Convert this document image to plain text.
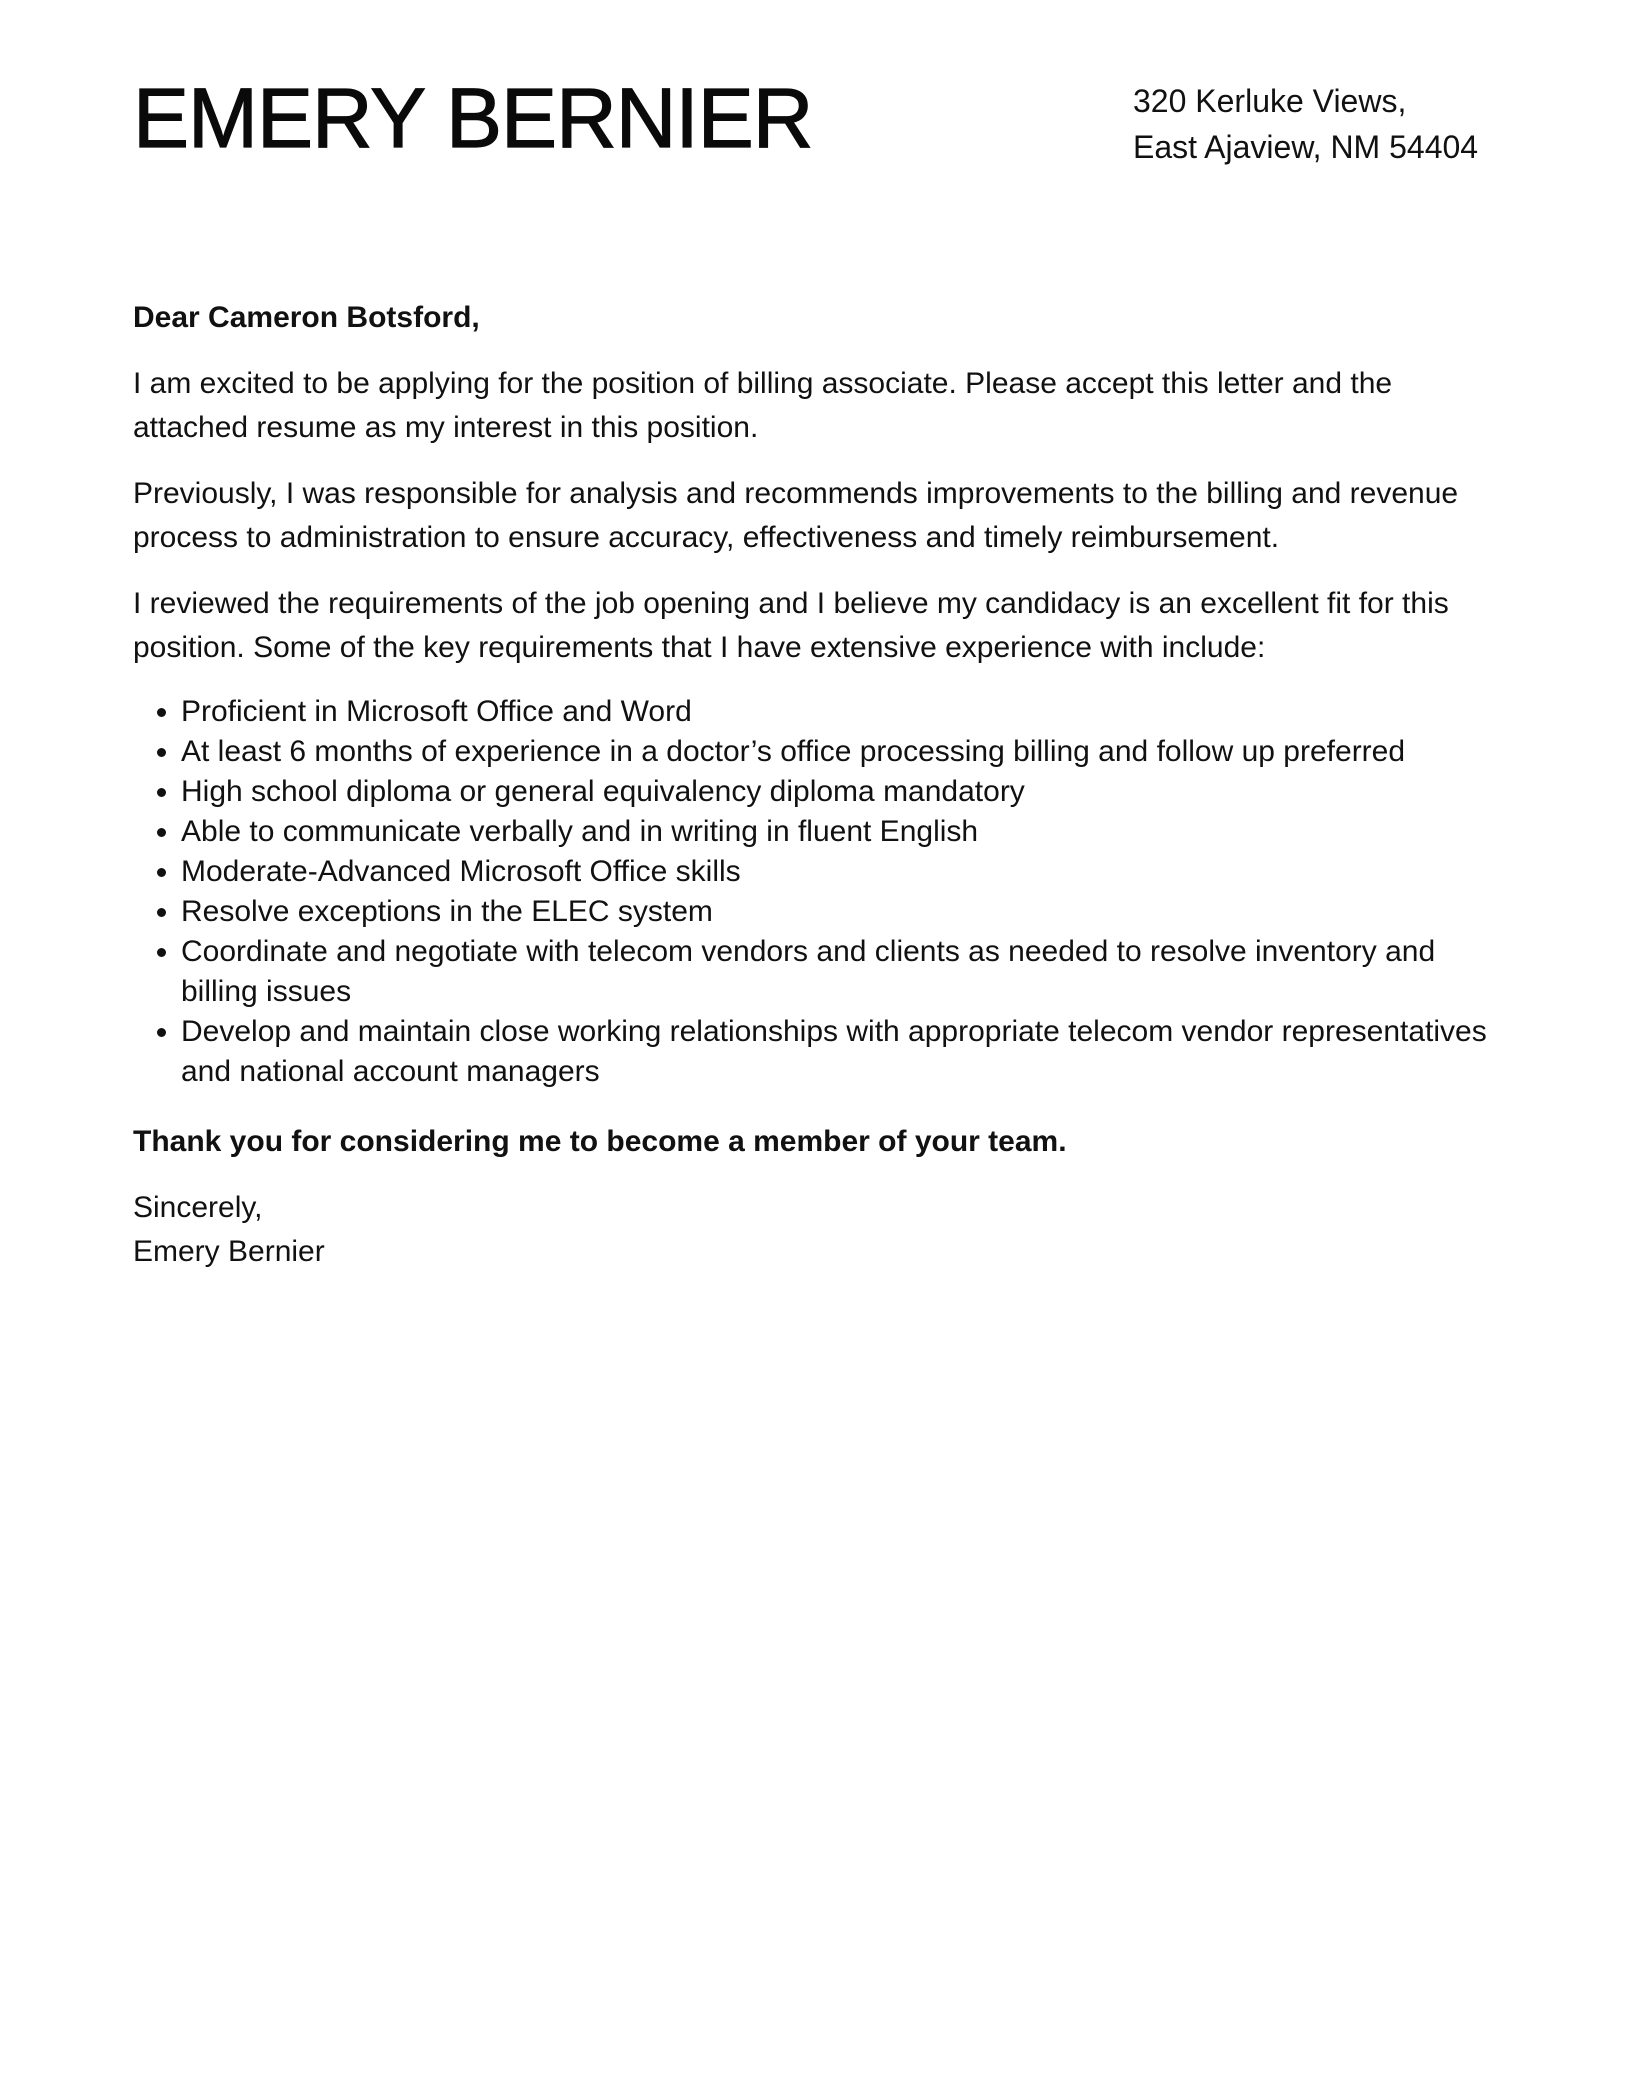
EMERY BERNIER	320 Kerluke Views,
East Ajaview, NM 54404

Dear Cameron Botsford,

I am excited to be applying for the position of billing associate. Please accept this letter and the attached resume as my interest in this position.

Previously, I was responsible for analysis and recommends improvements to the billing and revenue process to administration to ensure accuracy, effectiveness and timely reimbursement.

I reviewed the requirements of the job opening and I believe my candidacy is an excellent fit for this position. Some of the key requirements that I have extensive experience with include:

• Proficient in Microsoft Office and Word
• At least 6 months of experience in a doctor’s office processing billing and follow up preferred
• High school diploma or general equivalency diploma mandatory
• Able to communicate verbally and in writing in fluent English
• Moderate-Advanced Microsoft Office skills
• Resolve exceptions in the ELEC system
• Coordinate and negotiate with telecom vendors and clients as needed to resolve inventory and billing issues
• Develop and maintain close working relationships with appropriate telecom vendor representatives and national account managers

Thank you for considering me to become a member of your team.

Sincerely,
Emery Bernier
